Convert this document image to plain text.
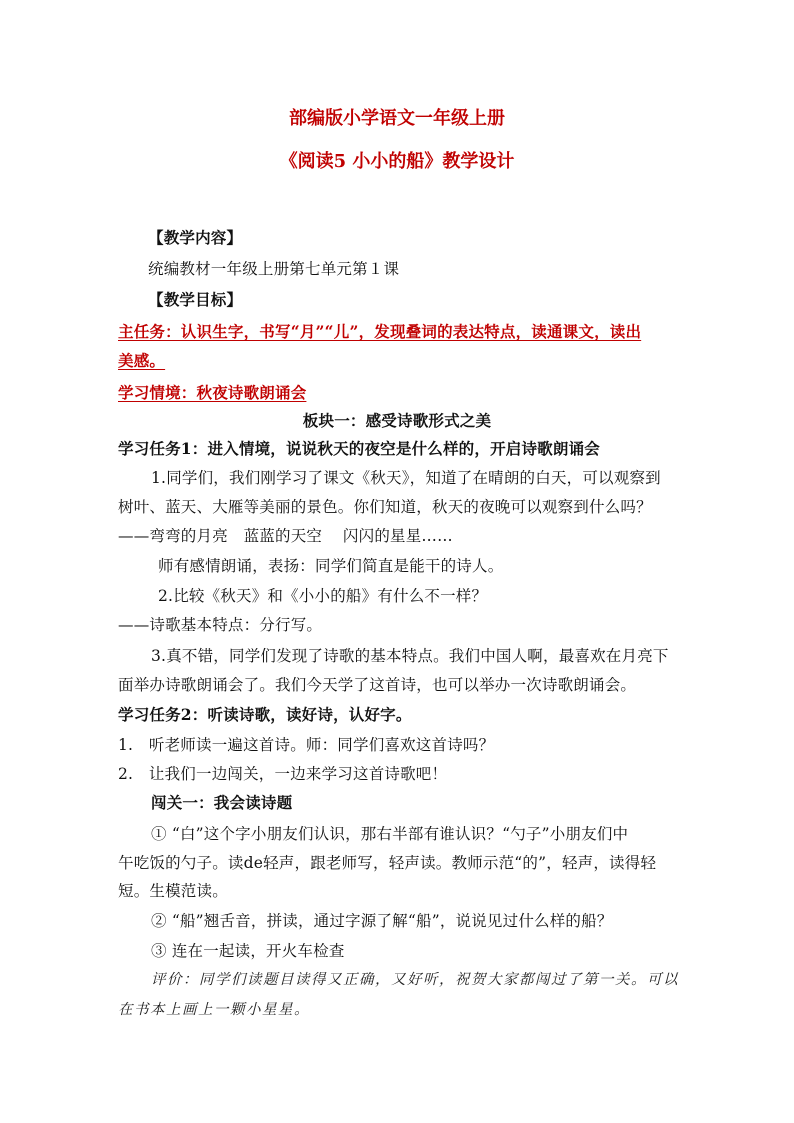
部编版小学语文一年级上册
《阅读5 小小的船》教学设计
【教学内容】
统编教材一年级上册第七单元第１课
【教学目标】
主任务：认识生字，书写“月”“儿”，发现叠词的表达特点，读通课文，读出
美感。
学习情境：秋夜诗歌朗诵会
板块一：感受诗歌形式之美
学习任务1：进入情境，说说秋天的夜空是什么样的，开启诗歌朗诵会
1.同学们，我们刚学习了课文《秋天》，知道了在晴朗的白天，可以观察到
树叶、蓝天、大雁等美丽的景色。你们知道，秋天的夜晚可以观察到什么吗？
——弯弯的月亮　蓝蓝的天空　 闪闪的星星……
师有感情朗诵，表扬：同学们简直是能干的诗人。
2.比较《秋天》和《小小的船》有什么不一样？
——诗歌基本特点：分行写。
3.真不错，同学们发现了诗歌的基本特点。我们中国人啊，最喜欢在月亮下
面举办诗歌朗诵会了。我们今天学了这首诗，也可以举办一次诗歌朗诵会。
学习任务2：听读诗歌，读好诗，认好字。
1.　听老师读一遍这首诗。师：同学们喜欢这首诗吗？
2.　让我们一边闯关，一边来学习这首诗歌吧！
闯关一：我会读诗题
① “白”这个字小朋友们认识，那右半部有谁认识？“勺子”小朋友们中
午吃饭的勺子。读de轻声，跟老师写，轻声读。教师示范“的”，轻声，读得轻
短。生模范读。
② “船”翘舌音，拼读，通过字源了解“船”，说说见过什么样的船？
③ 连在一起读，开火车检查
评价：同学们读题目读得又正确，又好听，祝贺大家都闯过了第一关。可以
在书本上画上一颗小星星。
